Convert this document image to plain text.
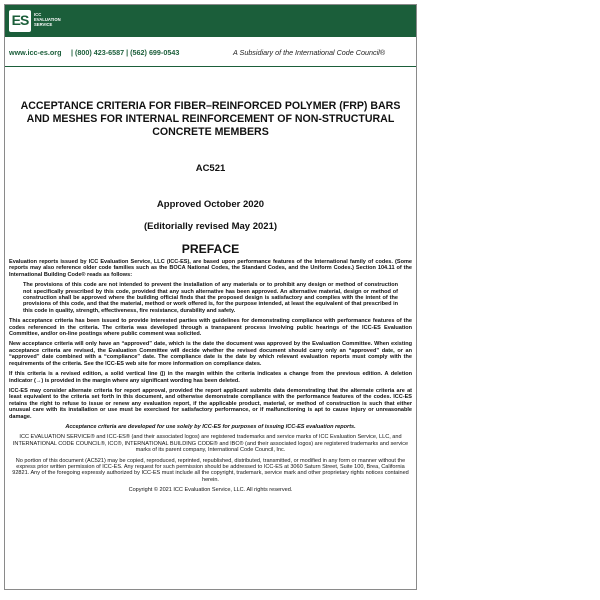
ES	ICC
EVALUATION
SERVICE
www.icc-es.org | (800) 423-6587 | (562) 699-0543	A Subsidiary of the International Code Council®
ACCEPTANCE CRITERIA FOR FIBER–REINFORCED POLYMER (FRP) BARS AND MESHES FOR INTERNAL REINFORCEMENT OF NON-STRUCTURAL CONCRETE MEMBERS
AC521
Approved October 2020
(Editorially revised May 2021)
PREFACE

Evaluation reports issued by ICC Evaluation Service, LLC (ICC-ES), are based upon performance features of the International family of codes. (Some reports may also reference older code families such as the BOCA National Codes, the Standard Codes, and the Uniform Codes.) Section 104.11 of the International Building Code® reads as follows:

The provisions of this code are not intended to prevent the installation of any materials or to prohibit any design or method of construction not specifically prescribed by this code, provided that any such alternative has been approved. An alternative material, design or method of construction shall be approved where the building official finds that the proposed design is satisfactory and complies with the intent of the provisions of this code, and that the material, method or work offered is, for the purpose intended, at least the equivalent of that prescribed in this code in quality, strength, effectiveness, fire resistance, durability and safety.

This acceptance criteria has been issued to provide interested parties with guidelines for demonstrating compliance with performance features of the codes referenced in the criteria. The criteria was developed through a transparent process involving public hearings of the ICC-ES Evaluation Committee, and/or on-line postings where public comment was solicited.

New acceptance criteria will only have an “approved” date, which is the date the document was approved by the Evaluation Committee. When existing acceptance criteria are revised, the Evaluation Committee will decide whether the revised document should carry only an “approved” date, or an “approved” date combined with a “compliance” date. The compliance date is the date by which relevant evaluation reports must comply with the requirements of the criteria. See the ICC-ES web site for more information on compliance dates.

If this criteria is a revised edition, a solid vertical line (|) in the margin within the criteria indicates a change from the previous edition. A deletion indicator (→) is provided in the margin where any significant wording has been deleted.

ICC-ES may consider alternate criteria for report approval, provided the report applicant submits data demonstrating that the alternate criteria are at least equivalent to the criteria set forth in this document, and otherwise demonstrate compliance with the performance features of the codes. ICC-ES retains the right to refuse to issue or renew any evaluation report, if the applicable product, material, or method of construction is such that either unusual care with its installation or use must be exercised for satisfactory performance, or if malfunctioning is apt to cause injury or unreasonable damage.

Acceptance criteria are developed for use solely by ICC-ES for purposes of issuing ICC-ES evaluation reports.

ICC EVALUATION SERVICE® and ICC-ES® (and their associated logos) are registered trademarks and service marks of ICC Evaluation Service, LLC, and INTERNATIONAL CODE COUNCIL®, ICC®, INTERNATIONAL BUILDING CODE® and IBC® (and their associated logos) are registered trademarks and service marks of its parent company, International Code Council, Inc.

No portion of this document (AC521) may be copied, reproduced, reprinted, republished, distributed, transmitted, or modified in any form or manner without the express prior written permission of ICC-ES. Any request for such permission should be addressed to ICC-ES at 3060 Saturn Street, Suite 100, Brea, California 92821. Any of the foregoing expressly authorized by ICC-ES must include all the copyright, trademark, service mark and other proprietary rights notices contained herein.

Copyright © 2021 ICC Evaluation Service, LLC. All rights reserved.
